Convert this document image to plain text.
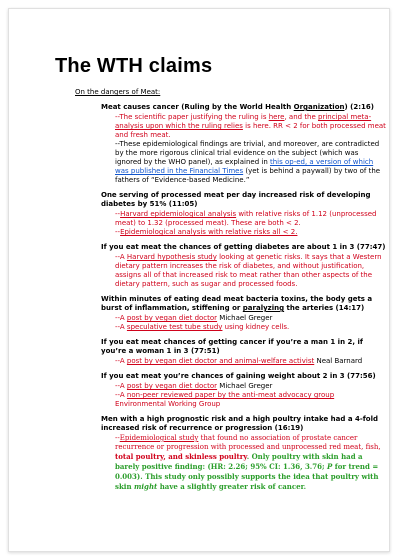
The WTH claims

On the dangers of Meat:

Meat causes cancer (Ruling by the World Health Organization) (2:16)

--The scientific paper justifying the ruling is here, and the principal meta-analysis upon which the ruling relies is here. RR < 2 for both processed meat and fresh meat.

--These epidemiological findings are trivial, and moreover, are contradicted by the more rigorous clinical trial evidence on the subject (which was ignored by the WHO panel), as explained in this op-ed, a version of which was published in the Financial Times (yet is behind a paywall) by two of the fathers of “Evidence-based Medicine.”

One serving of processed meat per day increased risk of developing diabetes by 51% (11:05)

--Harvard epidemiological analysis with relative risks of 1.12 (unprocessed meat) to 1.32 (processed meat). These are both < 2.

--Epidemiological analysis with relative risks all < 2.

If you eat meat the chances of getting diabetes are about 1 in 3 (77:47)

--A Harvard hypothesis study looking at genetic risks. It says that a Western dietary pattern increases the risk of diabetes, and without justification, assigns all of that increased risk to meat rather than other aspects of the dietary pattern, such as sugar and processed foods.

Within minutes of eating dead meat bacteria toxins, the body gets a burst of inflammation, stiffening or paralyzing the arteries (14:17)

--A post by vegan diet doctor Michael Greger

--A speculative test tube study using kidney cells.

If you eat meat chances of getting cancer if you’re a man 1 in 2, if you’re a woman 1 in 3 (77:51)

--A post by vegan diet doctor and animal-welfare activist Neal Barnard

If you eat meat you’re chances of gaining weight about 2 in 3 (77:56)

--A post by vegan diet doctor Michael Greger

--A non-peer reviewed paper by the anti-meat advocacy group Environmental Working Group

Men with a high prognostic risk and a high poultry intake had a 4-fold increased risk of recurrence or progression (16:19)

--Epidemiological study that found no association of prostate cancer recurrence or progression with processed and unprocessed red meat, fish, total poultry, and skinless poultry. Only poultry with skin had a barely positive finding: (HR: 2.26; 95% CI: 1.36, 3.76; P for trend = 0.003). This study only possibly supports the idea that poultry with skin might have a slightly greater risk of cancer.
